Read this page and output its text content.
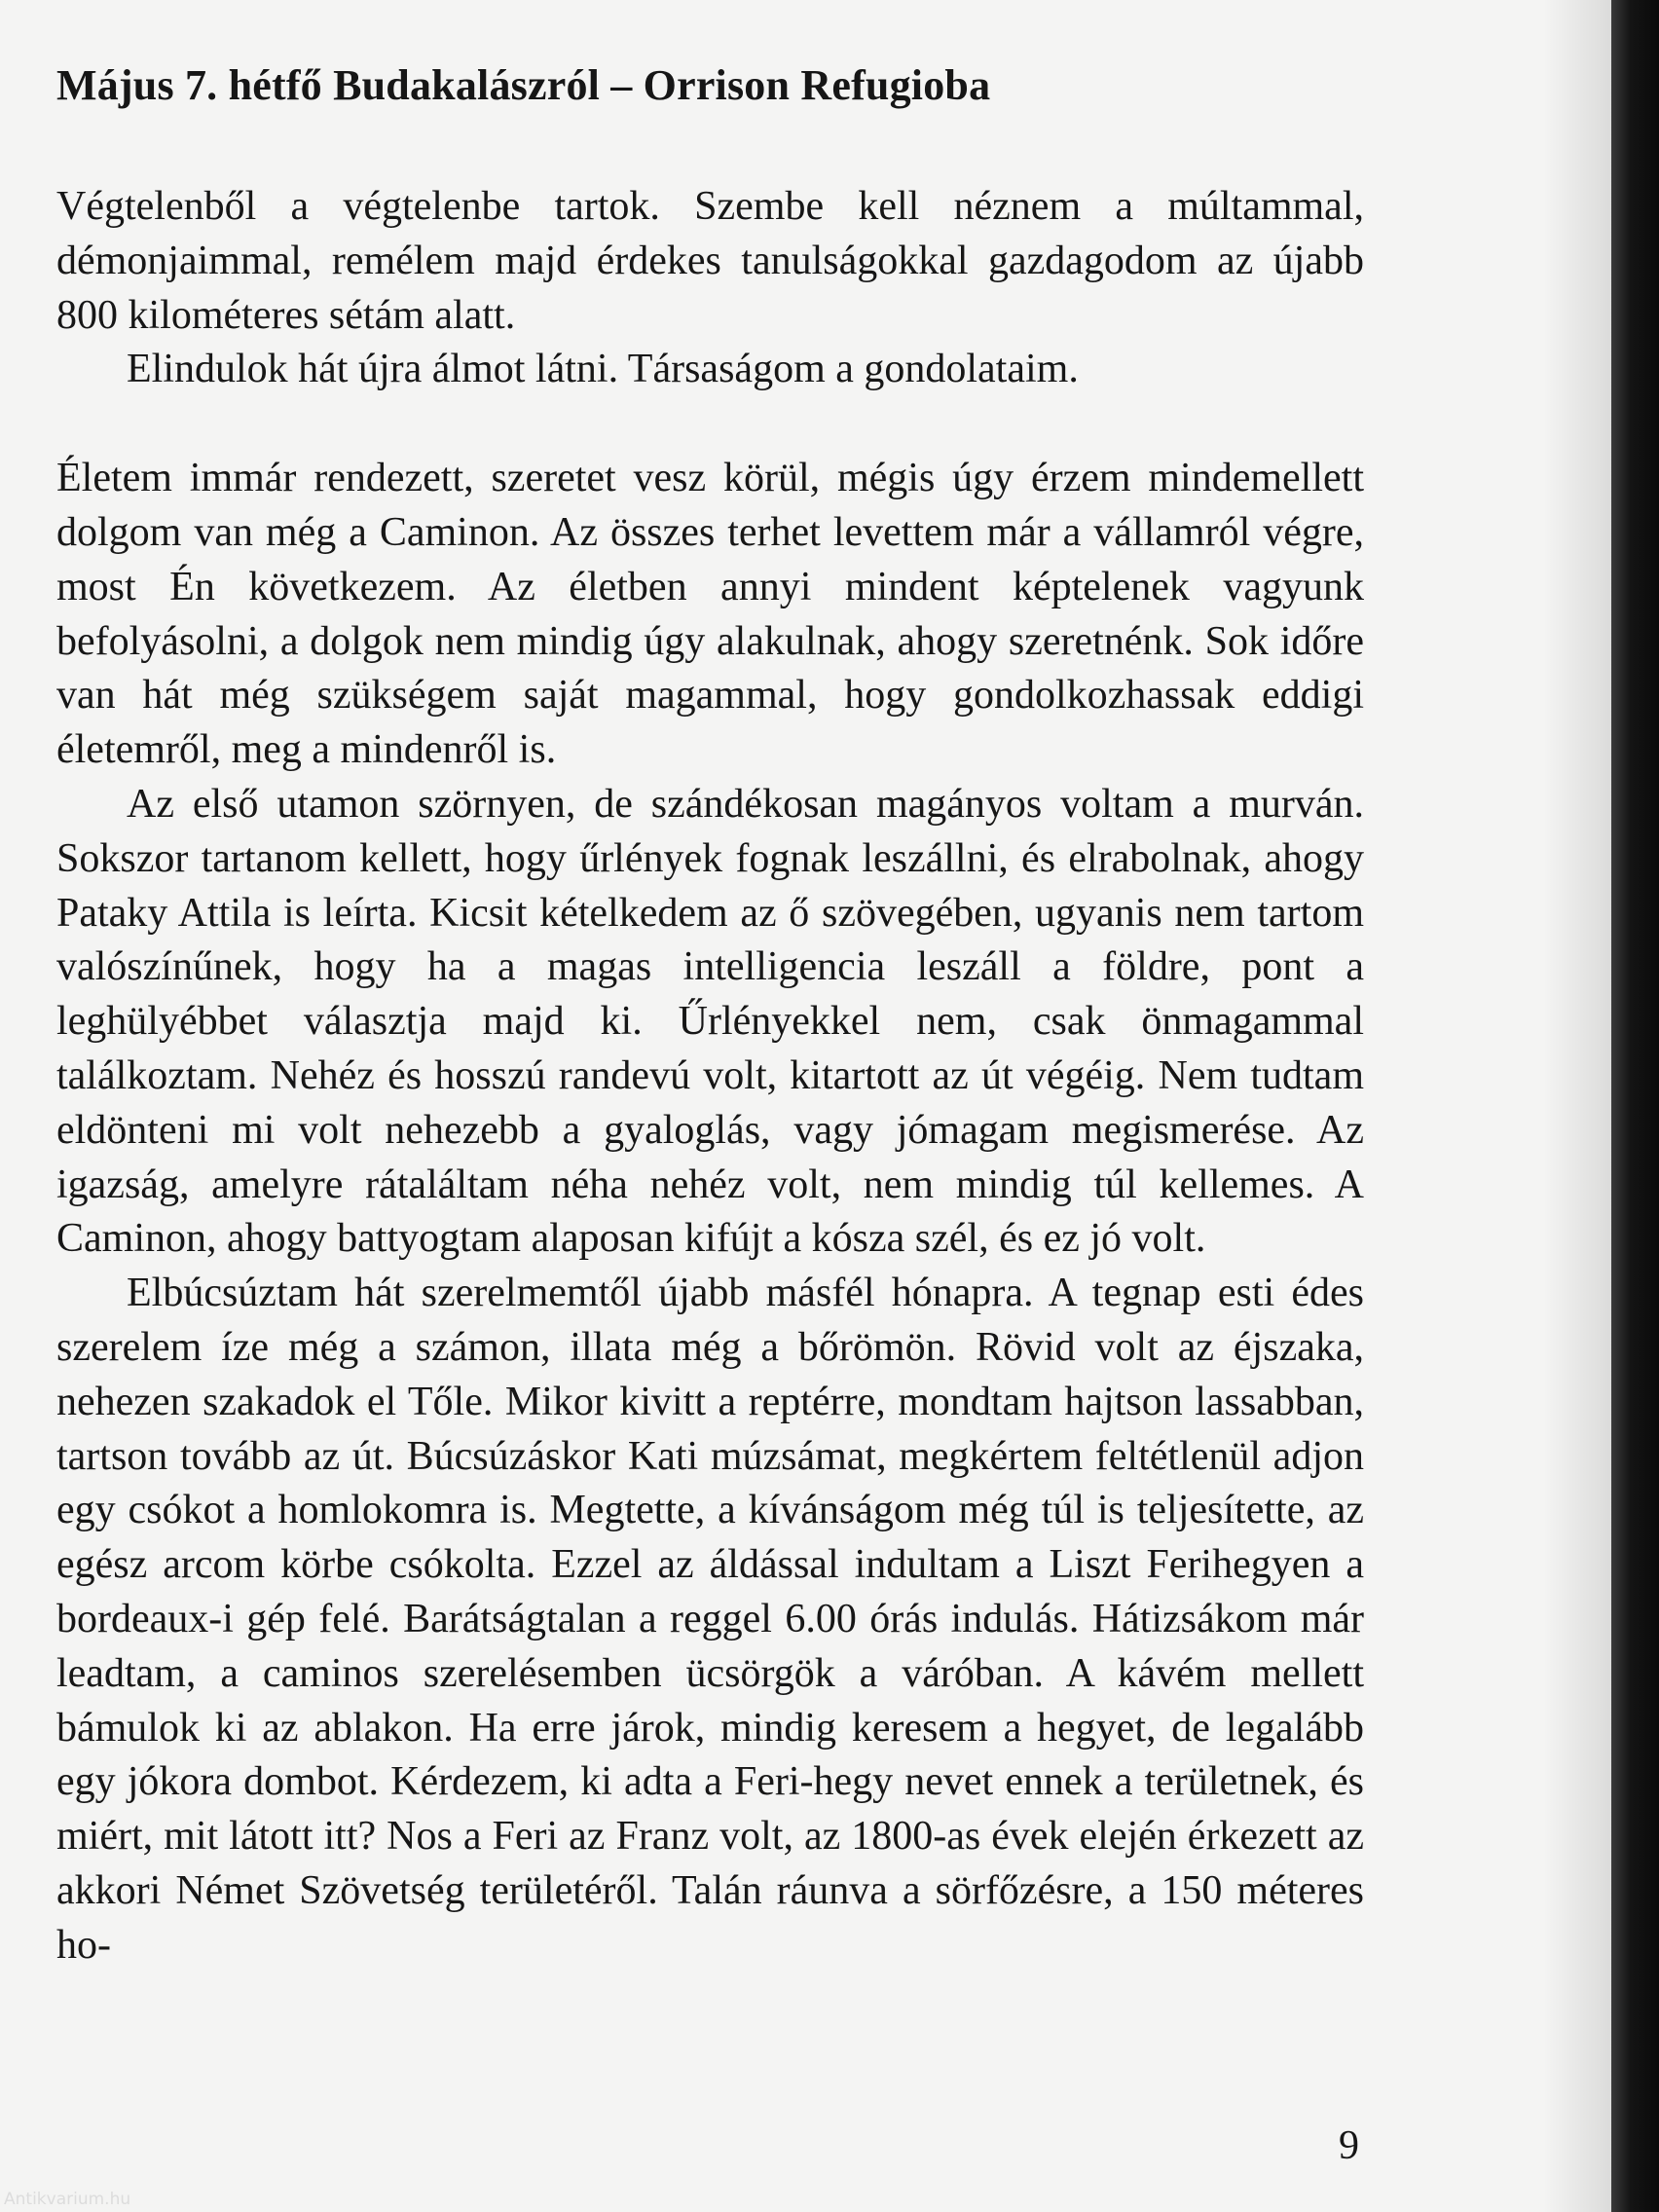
Május 7. hétfő Budakalászról – Orrison Refugioba

Végtelenből a végtelenbe tartok. Szembe kell néznem a múltammal, démonjaimmal, remélem majd érdekes tanulságokkal gazdagodom az újabb 800 kilométeres sétám alatt.

Elindulok hát újra álmot látni. Társaságom a gondolataim.

Életem immár rendezett, szeretet vesz körül, mégis úgy érzem mindemellett dolgom van még a Caminon. Az összes terhet levettem már a vállamról végre, most Én következem. Az életben annyi mindent képtelenek vagyunk befolyásolni, a dolgok nem mindig úgy alakulnak, ahogy szeretnénk. Sok időre van hát még szükségem saját magammal, hogy gondolkozhassak eddigi életemről, meg a mindenről is.

Az első utamon szörnyen, de szándékosan magányos voltam a murván. Sokszor tartanom kellett, hogy űrlények fognak leszállni, és elrabolnak, ahogy Pataky Attila is leírta. Kicsit kételkedem az ő szövegében, ugyanis nem tartom valószínűnek, hogy ha a magas intelligencia leszáll a földre, pont a leghülyébbet választja majd ki. Űrlényekkel nem, csak önmagammal találkoztam. Nehéz és hosszú randevú volt, kitartott az út végéig. Nem tudtam eldönteni mi volt nehezebb a gyaloglás, vagy jómagam megismerése. Az igazság, amelyre rátaláltam néha nehéz volt, nem mindig túl kellemes. A Caminon, ahogy battyogtam alaposan kifújt a kósza szél, és ez jó volt.

Elbúcsúztam hát szerelmemtől újabb másfél hónapra. A tegnap esti édes szerelem íze még a számon, illata még a bőrömön. Rövid volt az éjszaka, nehezen szakadok el Tőle. Mikor kivitt a reptérre, mondtam hajtson lassabban, tartson tovább az út. Búcsúzáskor Kati múzsámat, megkértem feltétlenül adjon egy csókot a homlokomra is. Megtette, a kívánságom még túl is teljesítette, az egész arcom körbe csókolta. Ezzel az áldással indultam a Liszt Ferihegyen a bordeaux-i gép felé. Barátságtalan a reggel 6.00 órás indulás. Hátizsákom már leadtam, a caminos szerelésemben ücsörgök a váróban. A kávém mellett bámulok ki az ablakon. Ha erre járok, mindig keresem a hegyet, de legalább egy jókora dombot. Kérdezem, ki adta a Feri-hegy nevet ennek a területnek, és miért, mit látott itt? Nos a Feri az Franz volt, az 1800-as évek elején érkezett az akkori Német Szövetség területéről. Talán ráunva a sörfőzésre, a 150 méteres ho-

9
Antikvarium.hu
